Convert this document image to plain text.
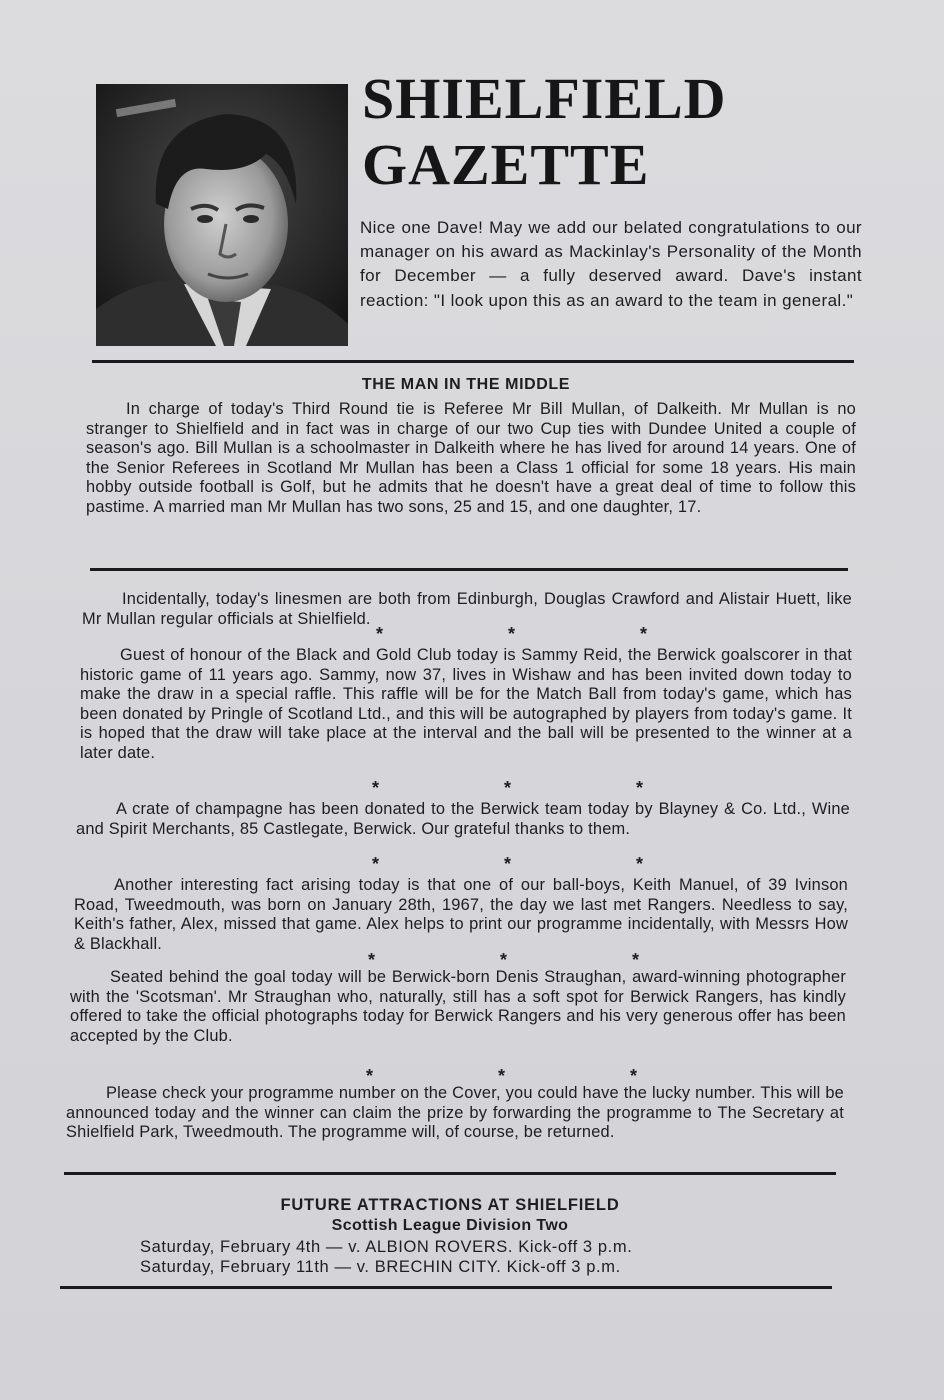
SHIELFIELD
GAZETTE

Nice one Dave! May we add our belated congratulations to our manager on his award as Mackinlay's Personality of the Month for December — a fully deserved award. Dave's instant reaction: "I look upon this as an award to the team in general."

THE MAN IN THE MIDDLE

In charge of today's Third Round tie is Referee Mr Bill Mullan, of Dalkeith. Mr Mullan is no stranger to Shielfield and in fact was in charge of our two Cup ties with Dundee United a couple of season's ago. Bill Mullan is a schoolmaster in Dalkeith where he has lived for around 14 years. One of the Senior Referees in Scotland Mr Mullan has been a Class 1 official for some 18 years. His main hobby outside football is Golf, but he admits that he doesn't have a great deal of time to follow this pastime. A married man Mr Mullan has two sons, 25 and 15, and one daughter, 17.

Incidentally, today's linesmen are both from Edinburgh, Douglas Crawford and Alistair Huett, like Mr Mullan regular officials at Shielfield.

* * *

Guest of honour of the Black and Gold Club today is Sammy Reid, the Berwick goalscorer in that historic game of 11 years ago. Sammy, now 37, lives in Wishaw and has been invited down today to make the draw in a special raffle. This raffle will be for the Match Ball from today's game, which has been donated by Pringle of Scotland Ltd., and this will be autographed by players from today's game. It is hoped that the draw will take place at the interval and the ball will be presented to the winner at a later date.

* * *

A crate of champagne has been donated to the Berwick team today by Blayney & Co. Ltd., Wine and Spirit Merchants, 85 Castlegate, Berwick. Our grateful thanks to them.

* * *

Another interesting fact arising today is that one of our ball-boys, Keith Manuel, of 39 Ivinson Road, Tweedmouth, was born on January 28th, 1967, the day we last met Rangers. Needless to say, Keith's father, Alex, missed that game. Alex helps to print our programme incidentally, with Messrs How & Blackhall.

* * *

Seated behind the goal today will be Berwick-born Denis Straughan, award-winning photographer with the 'Scotsman'. Mr Straughan who, naturally, still has a soft spot for Berwick Rangers, has kindly offered to take the official photographs today for Berwick Rangers and his very generous offer has been accepted by the Club.

* * *

Please check your programme number on the Cover, you could have the lucky number. This will be announced today and the winner can claim the prize by forwarding the programme to The Secretary at Shielfield Park, Tweedmouth. The programme will, of course, be returned.

FUTURE ATTRACTIONS AT SHIELFIELD
Scottish League Division Two

Saturday, February 4th — v. ALBION ROVERS. Kick-off 3 p.m.

Saturday, February 11th — v. BRECHIN CITY. Kick-off 3 p.m.
